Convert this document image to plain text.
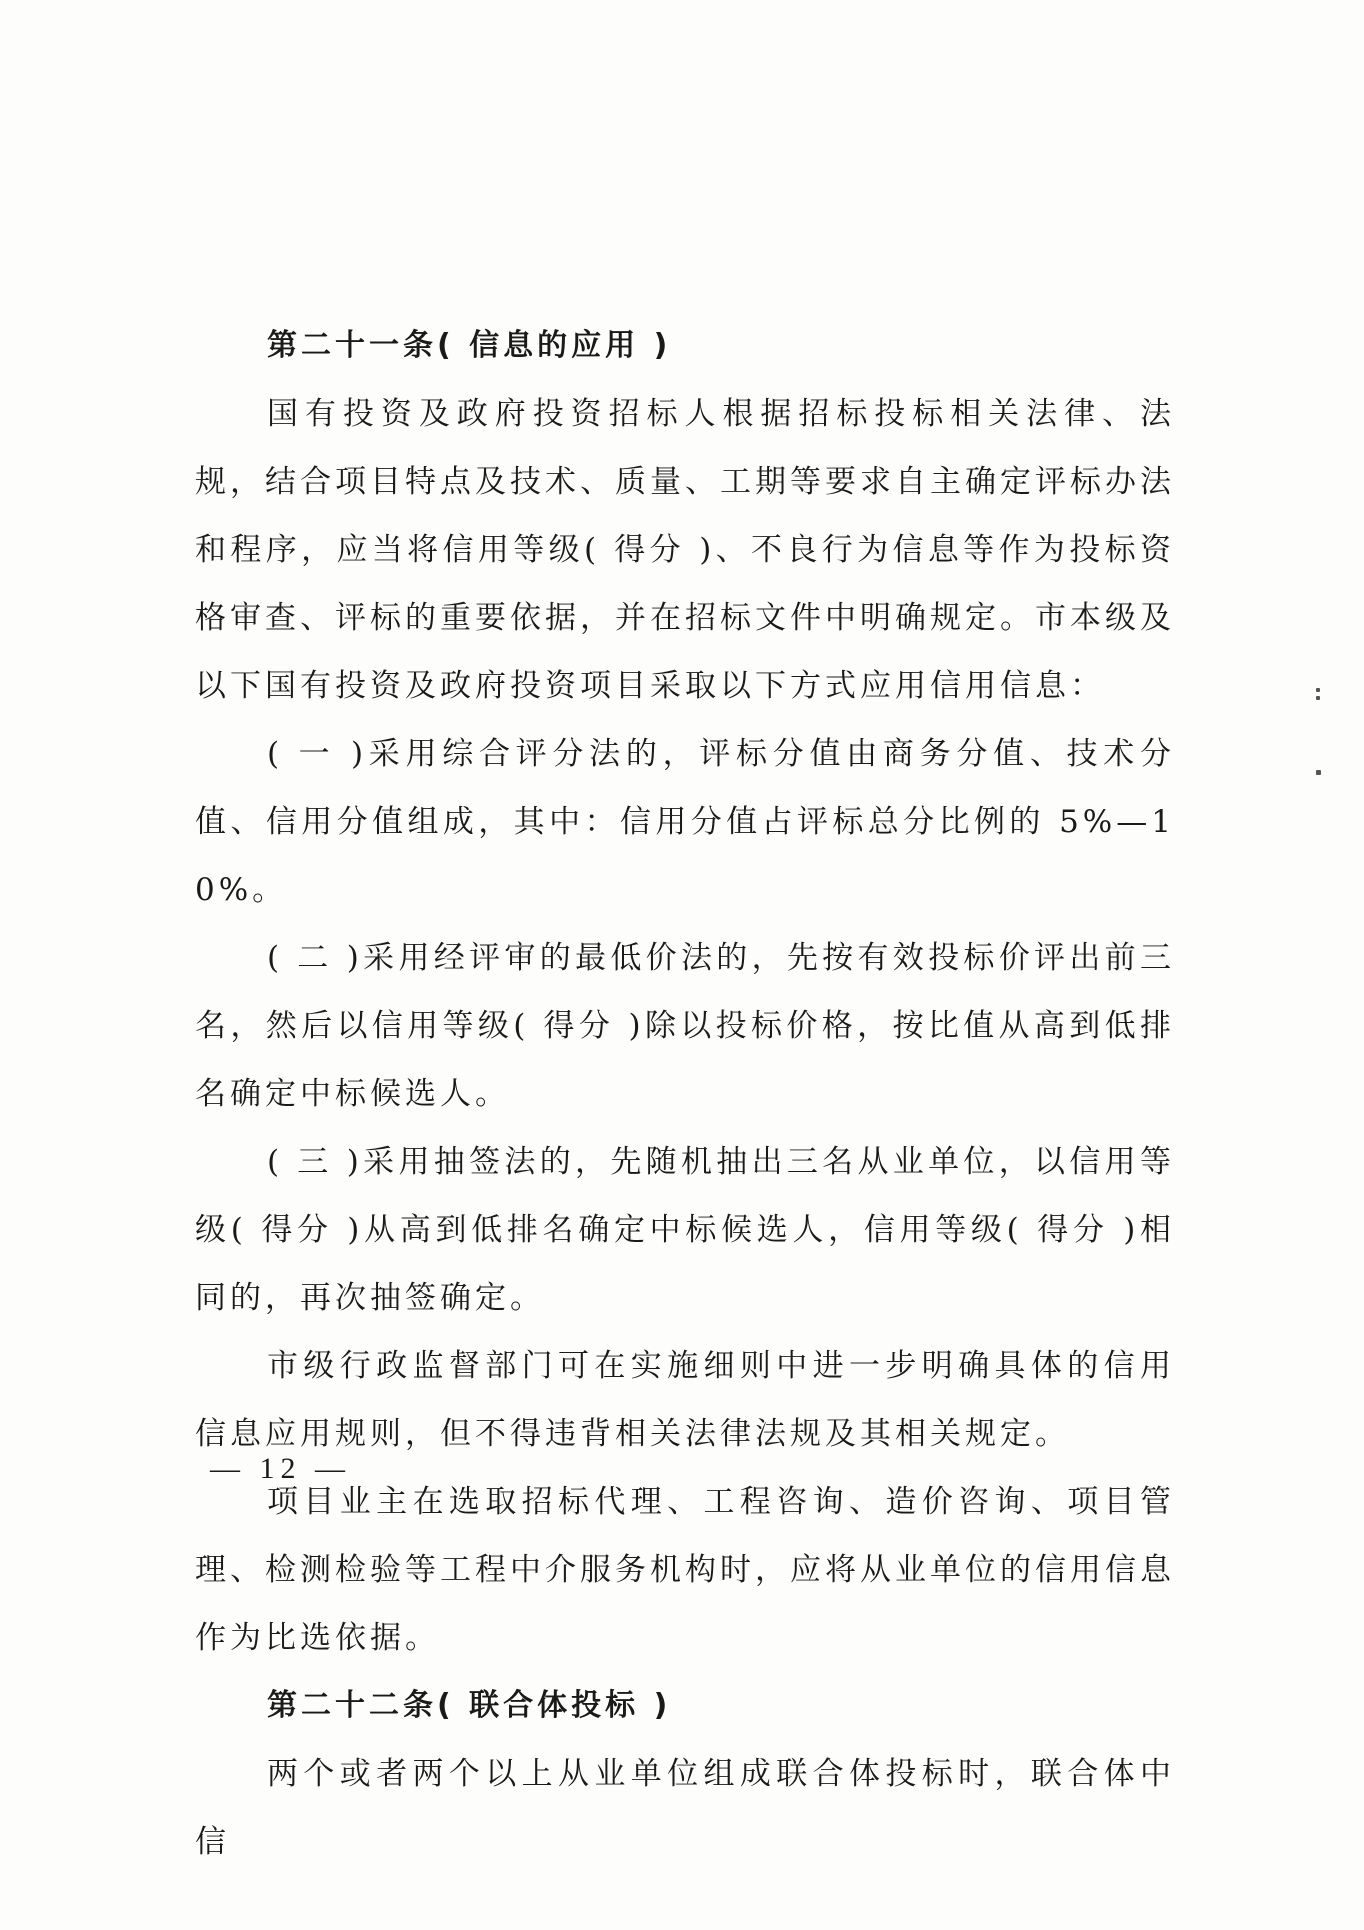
第二十一条( 信息的应用 )

国有投资及政府投资招标人根据招标投标相关法律、法规，结合项目特点及技术、质量、工期等要求自主确定评标办法和程序，应当将信用等级( 得分 )、不良行为信息等作为投标资格审查、评标的重要依据，并在招标文件中明确规定。市本级及以下国有投资及政府投资项目采取以下方式应用信用信息：

( 一 )采用综合评分法的，评标分值由商务分值、技术分值、信用分值组成，其中：信用分值占评标总分比例的 5%—10%。

( 二 )采用经评审的最低价法的，先按有效投标价评出前三名，然后以信用等级( 得分 )除以投标价格，按比值从高到低排名确定中标候选人。

( 三 )采用抽签法的，先随机抽出三名从业单位，以信用等级( 得分 )从高到低排名确定中标候选人，信用等级( 得分 )相同的，再次抽签确定。

市级行政监督部门可在实施细则中进一步明确具体的信用信息应用规则，但不得违背相关法律法规及其相关规定。

项目业主在选取招标代理、工程咨询、造价咨询、项目管理、检测检验等工程中介服务机构时，应将从业单位的信用信息作为比选依据。

第二十二条( 联合体投标 )

两个或者两个以上从业单位组成联合体投标时，联合体中信

— 12 —
